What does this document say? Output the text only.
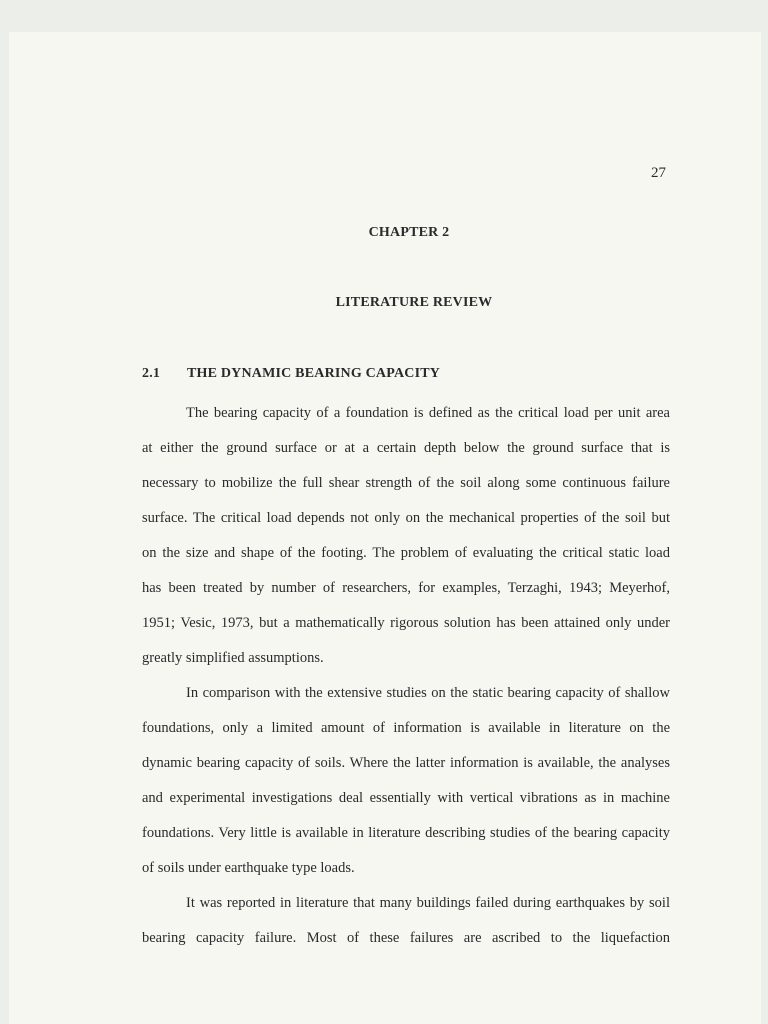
27
CHAPTER 2
LITERATURE REVIEW
2.1 THE DYNAMIC BEARING CAPACITY
The bearing capacity of a foundation is defined as the critical load per unit area
at either the ground surface or at a certain depth below the ground surface that is
necessary to mobilize the full shear strength of the soil along some continuous failure
surface. The critical load depends not only on the mechanical properties of the soil but
on the size and shape of the footing. The problem of evaluating the critical static load
has been treated by number of researchers, for examples, Terzaghi, 1943; Meyerhof,
1951; Vesic, 1973, but a mathematically rigorous solution has been attained only under
greatly simplified assumptions.
In comparison with the extensive studies on the static bearing capacity of shallow
foundations, only a limited amount of information is available in literature on the
dynamic bearing capacity of soils. Where the latter information is available, the analyses
and experimental investigations deal essentially with vertical vibrations as in machine
foundations. Very little is available in literature describing studies of the bearing capacity
of soils under earthquake type loads.
It was reported in literature that many buildings failed during earthquakes by soil
bearing capacity failure. Most of these failures are ascribed to the liquefaction
